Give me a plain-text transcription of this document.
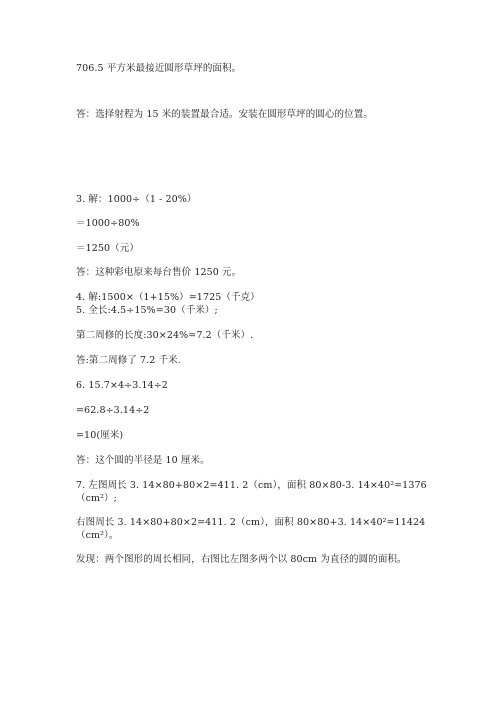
706.5 平方米最接近圆形草坪的面积。
答：选择射程为 15 米的装置最合适。安装在圆形草坪的圆心的位置。
3. 解：1000÷（1 - 20%）
＝1000÷80%
＝1250（元）
答：这种彩电原来每台售价 1250 元。
4. 解:1500×（1+15%）=1725（千克）
5. 全长:4.5÷15%=30（千米）;
第二周修的长度:30×24%=7.2（千米）.
答:第二周修了 7.2 千米.
6. 15.7×4÷3.14÷2
=62.8÷3.14÷2
=10(厘米)
答：这个圆的半径是 10 厘米。
7. 左图周长 3. 14×80+80×2=411. 2（cm），面积 80×80-3. 14×40²=1376
（cm²）;
右图周长 3. 14×80+80×2=411. 2（cm），面积 80×80+3. 14×40²=11424
（cm²）。
发现：两个图形的周长相同，右图比左图多两个以 80cm 为直径的圆的面积。
